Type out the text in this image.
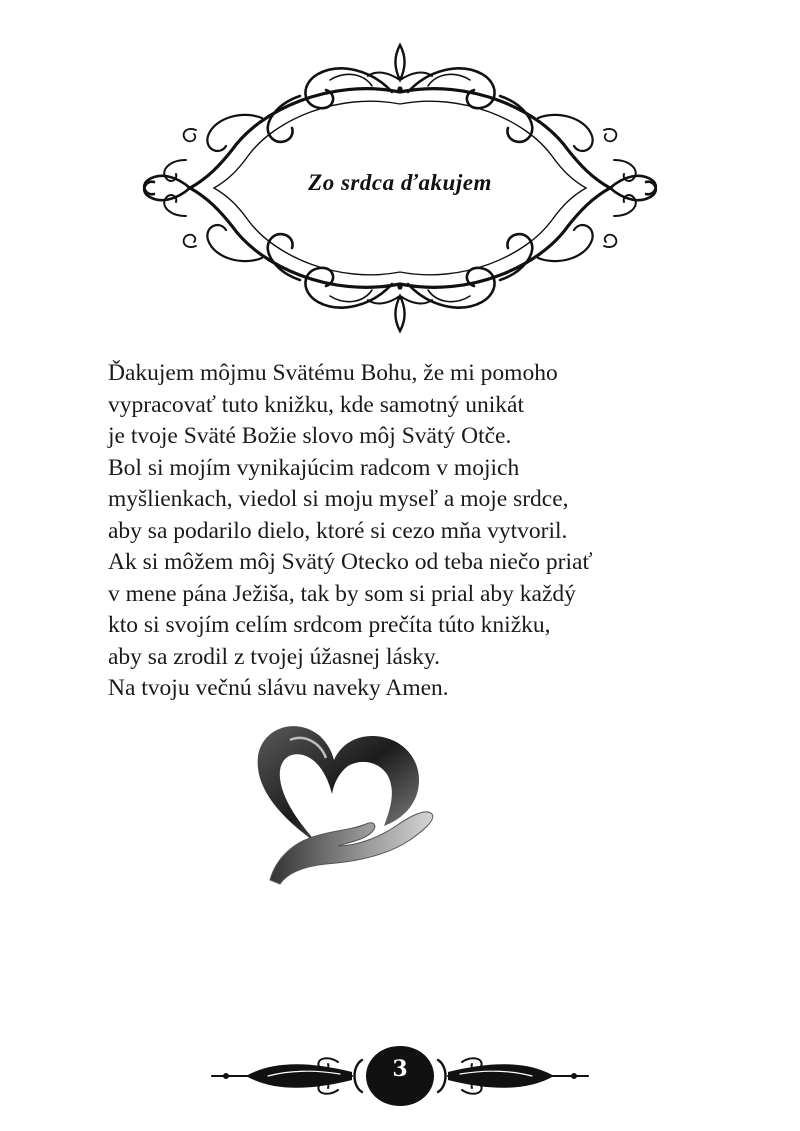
Zo srdca ďakujem
Ďakujem môjmu Svätému Bohu, že mi pomoho
vypracovať tuto knižku, kde samotný unikát
je tvoje Sväté Božie slovo môj Svätý Otče.
Bol si mojím vynikajúcim radcom v mojich
myšlienkach, viedol si moju myseľ a moje srdce,
aby sa podarilo dielo, ktoré si cezo mňa vytvoril.
Ak si môžem môj Svätý Otecko od teba niečo priať
v mene pána Ježiša, tak by som si prial aby každý
kto si svojím celím srdcom prečíta túto knižku,
aby sa zrodil z tvojej úžasnej lásky.
Na tvoju večnú slávu naveky Amen.
3
